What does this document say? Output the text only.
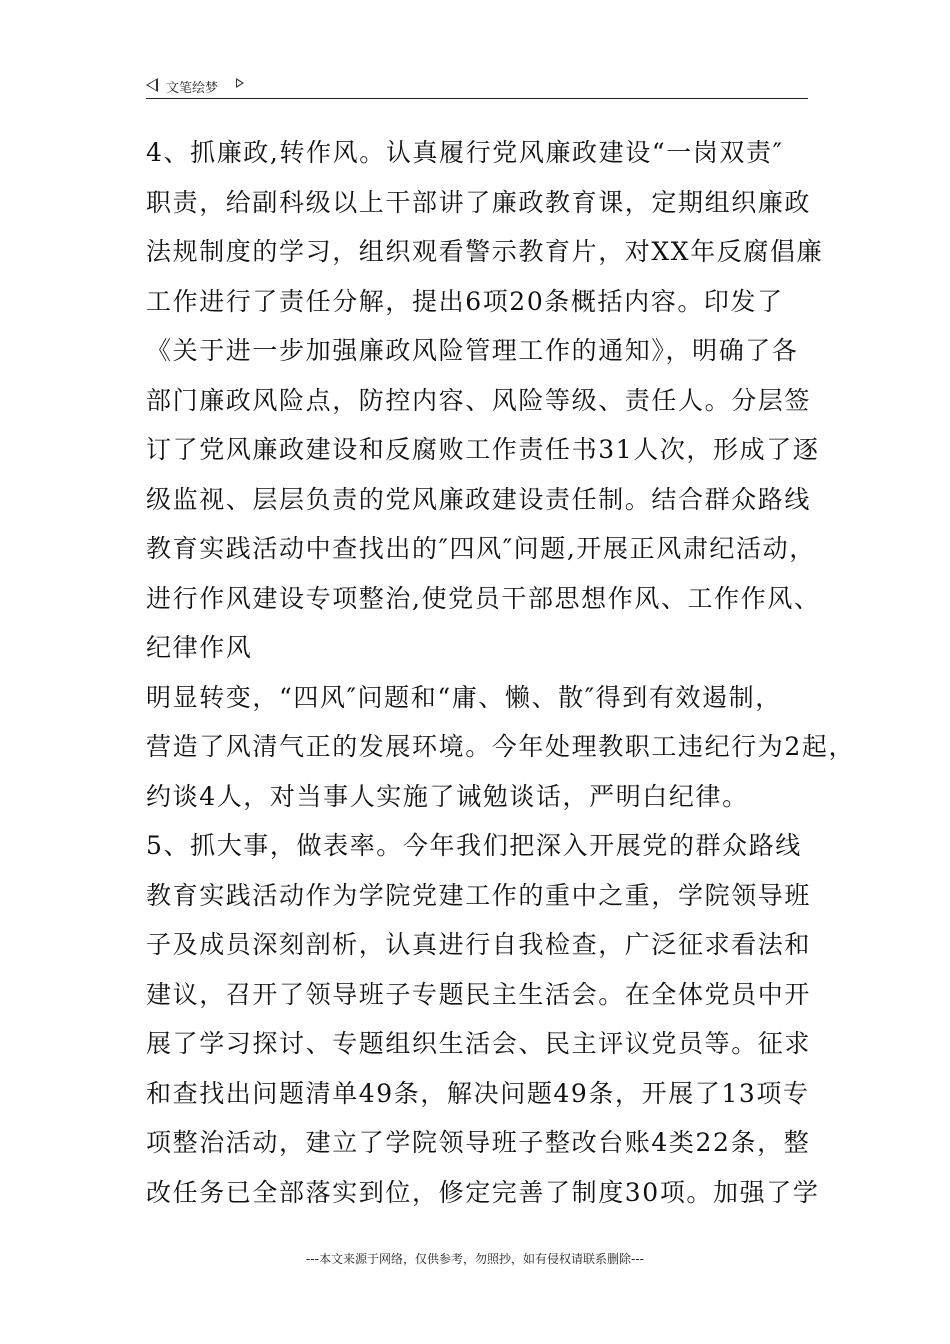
文笔绘梦
4、抓廉政,转作风。认真履行党风廉政建设“一岗双责″
职责，给副科级以上干部讲了廉政教育课，定期组织廉政
法规制度的学习，组织观看警示教育片，对XX年反腐倡廉
工作进行了责任分解，提出6项20条概括内容。印发了
《关于进一步加强廉政风险管理工作的通知》，明确了各
部门廉政风险点，防控内容、风险等级、责任人。分层签
订了党风廉政建设和反腐败工作责任书31人次，形成了逐
级监视、层层负责的党风廉政建设责任制。结合群众路线
教育实践活动中查找出的″四风″问题,开展正风肃纪活动，
进行作风建设专项整治,使党员干部思想作风、工作作风、
纪律作风
明显转变，“四风″问题和“庸、懒、散″得到有效遏制，
营造了风清气正的发展环境。今年处理教职工违纪行为2起，
约谈4人，对当事人实施了诫勉谈话，严明白纪律。
5、抓大事，做表率。今年我们把深入开展党的群众路线
教育实践活动作为学院党建工作的重中之重，学院领导班
子及成员深刻剖析，认真进行自我检查，广泛征求看法和
建议，召开了领导班子专题民主生活会。在全体党员中开
展了学习探讨、专题组织生活会、民主评议党员等。征求
和查找出问题清单49条，解决问题49条，开展了13项专
项整治活动，建立了学院领导班子整改台账4类22条，整
改任务已全部落实到位，修定完善了制度30项。加强了学
---本文来源于网络，仅供参考，勿照抄，如有侵权请联系删除---
